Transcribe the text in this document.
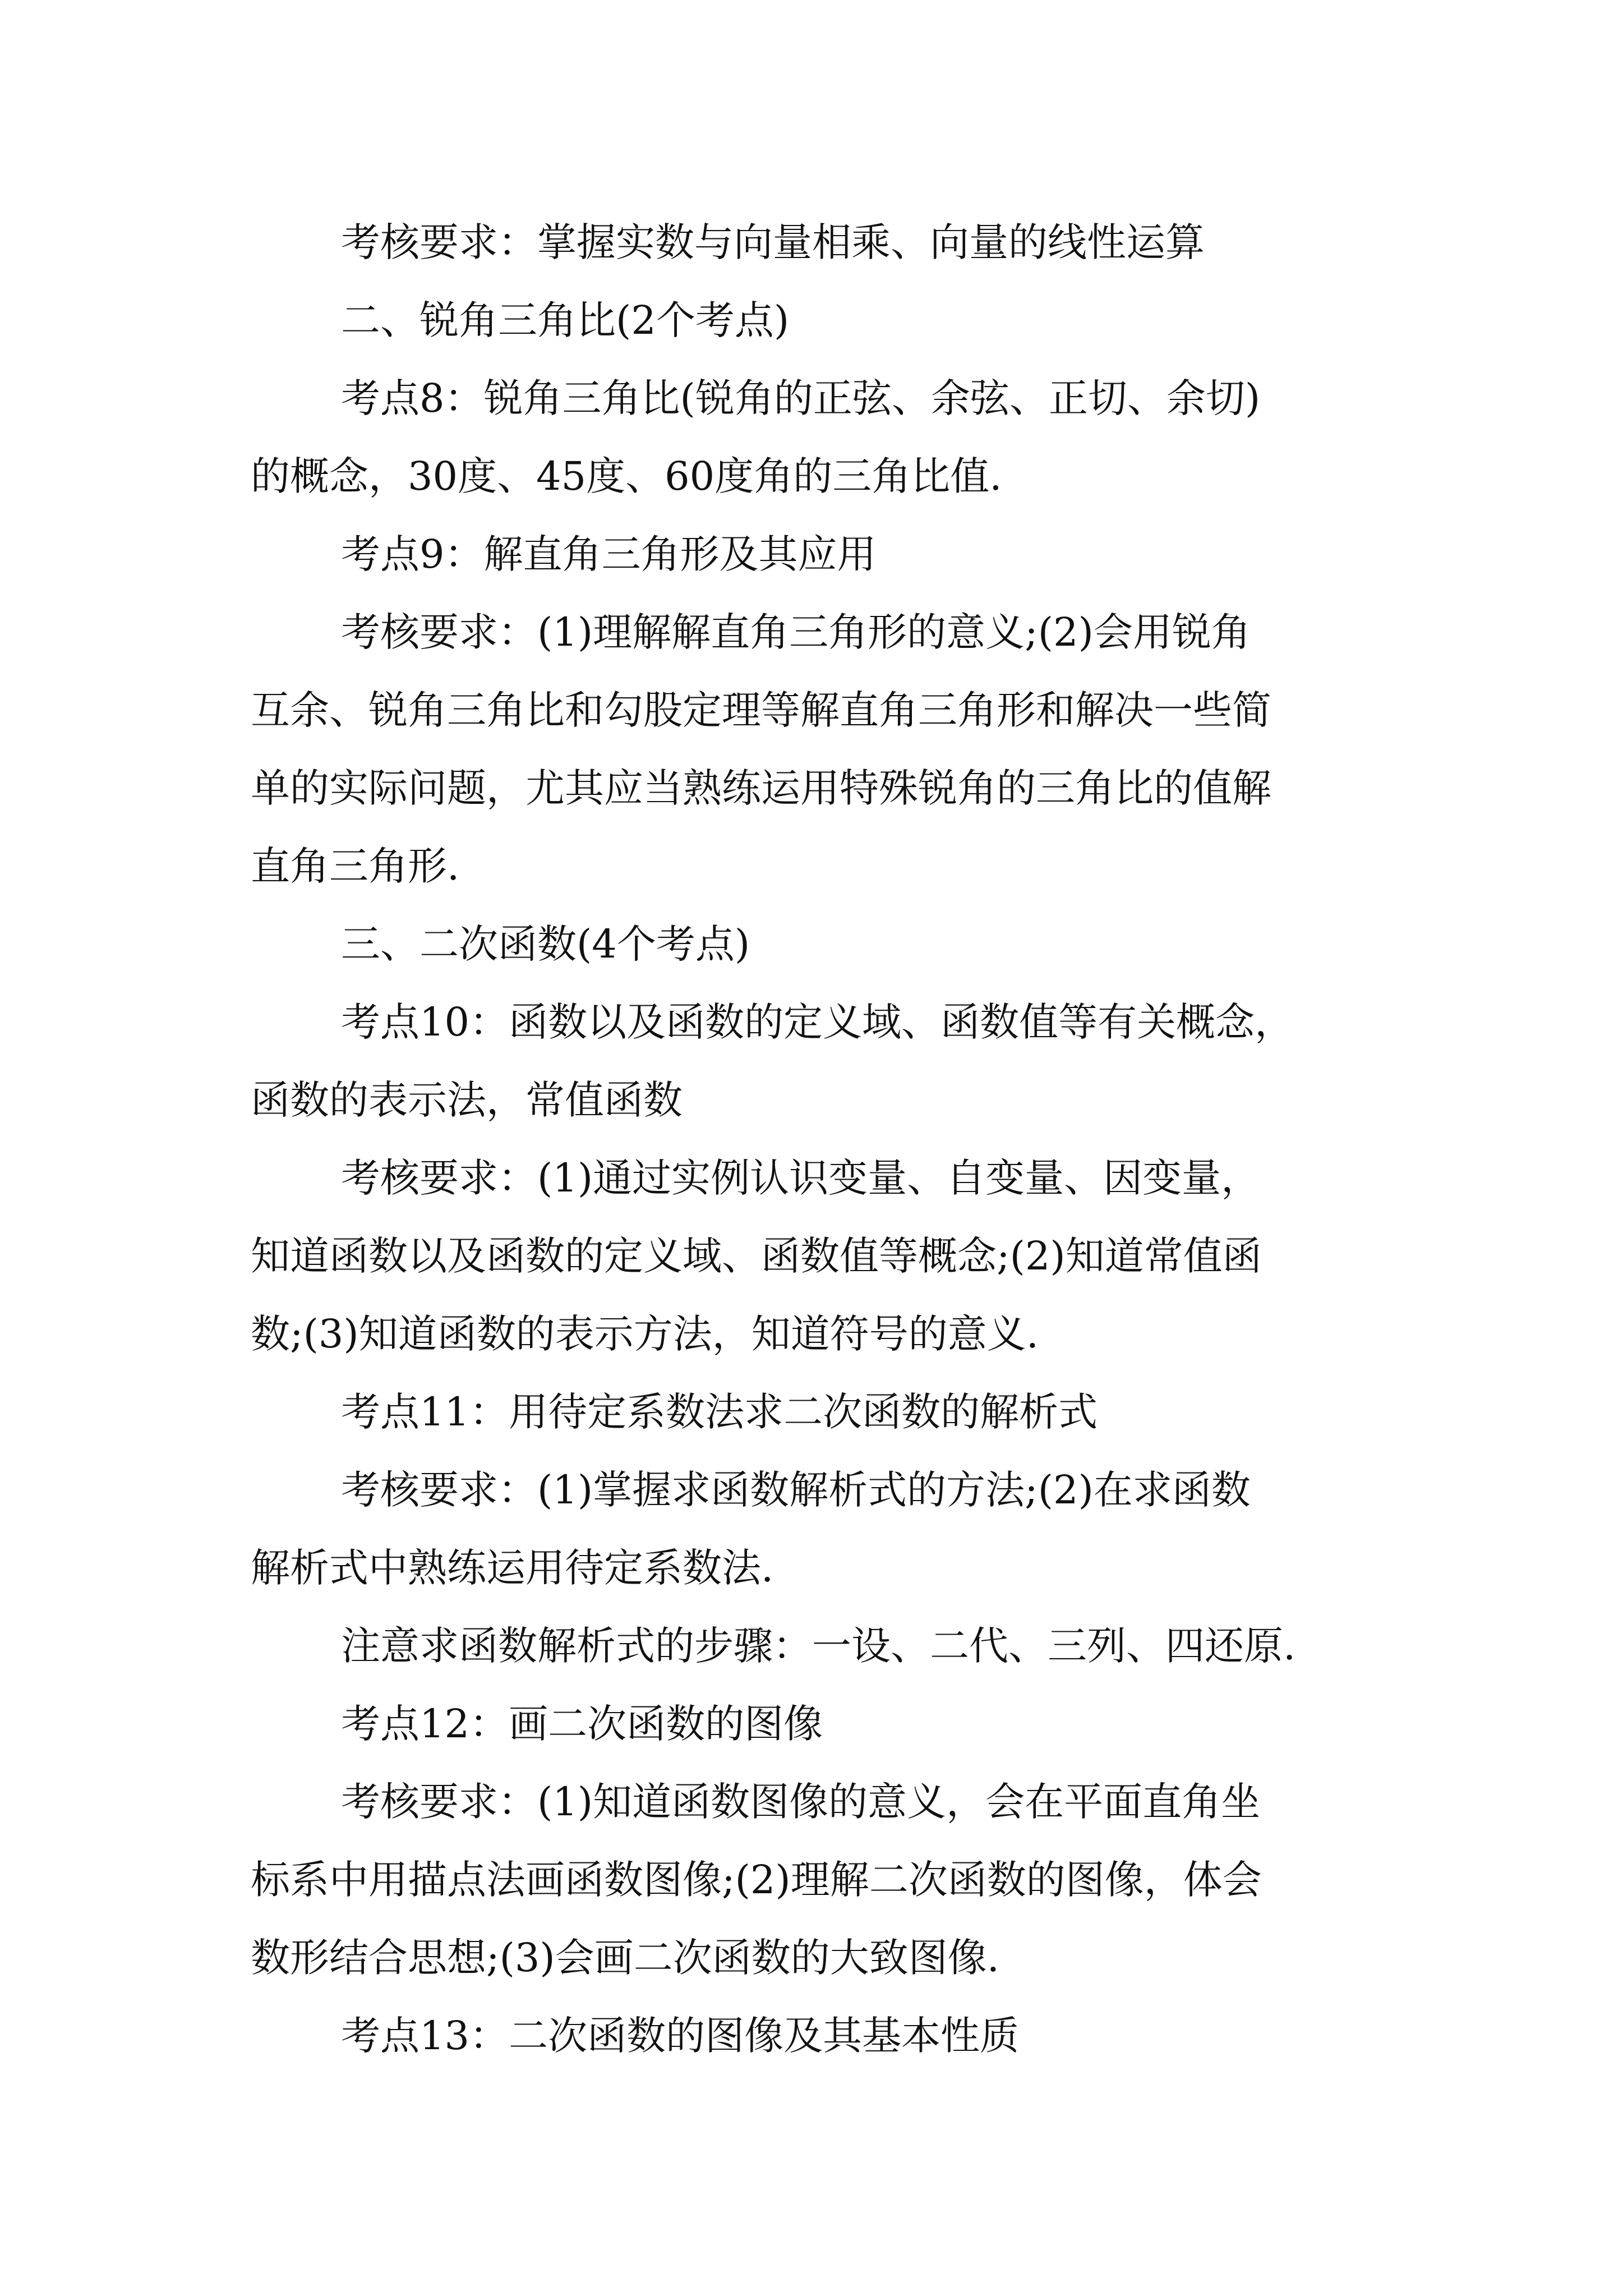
考核要求：掌握实数与向量相乘、向量的线性运算
二、锐角三角比(2个考点)
考点8：锐角三角比(锐角的正弦、余弦、正切、余切)
的概念，30度、45度、60度角的三角比值.
考点9：解直角三角形及其应用
考核要求：(1)理解解直角三角形的意义;(2)会用锐角
互余、锐角三角比和勾股定理等解直角三角形和解决一些简
单的实际问题，尤其应当熟练运用特殊锐角的三角比的值解
直角三角形.
三、二次函数(4个考点)
考点10：函数以及函数的定义域、函数值等有关概念，
函数的表示法，常值函数
考核要求：(1)通过实例认识变量、自变量、因变量，
知道函数以及函数的定义域、函数值等概念;(2)知道常值函
数;(3)知道函数的表示方法，知道符号的意义.
考点11：用待定系数法求二次函数的解析式
考核要求：(1)掌握求函数解析式的方法;(2)在求函数
解析式中熟练运用待定系数法.
注意求函数解析式的步骤：一设、二代、三列、四还原.
考点12：画二次函数的图像
考核要求：(1)知道函数图像的意义，会在平面直角坐
标系中用描点法画函数图像;(2)理解二次函数的图像，体会
数形结合思想;(3)会画二次函数的大致图像.
考点13：二次函数的图像及其基本性质
